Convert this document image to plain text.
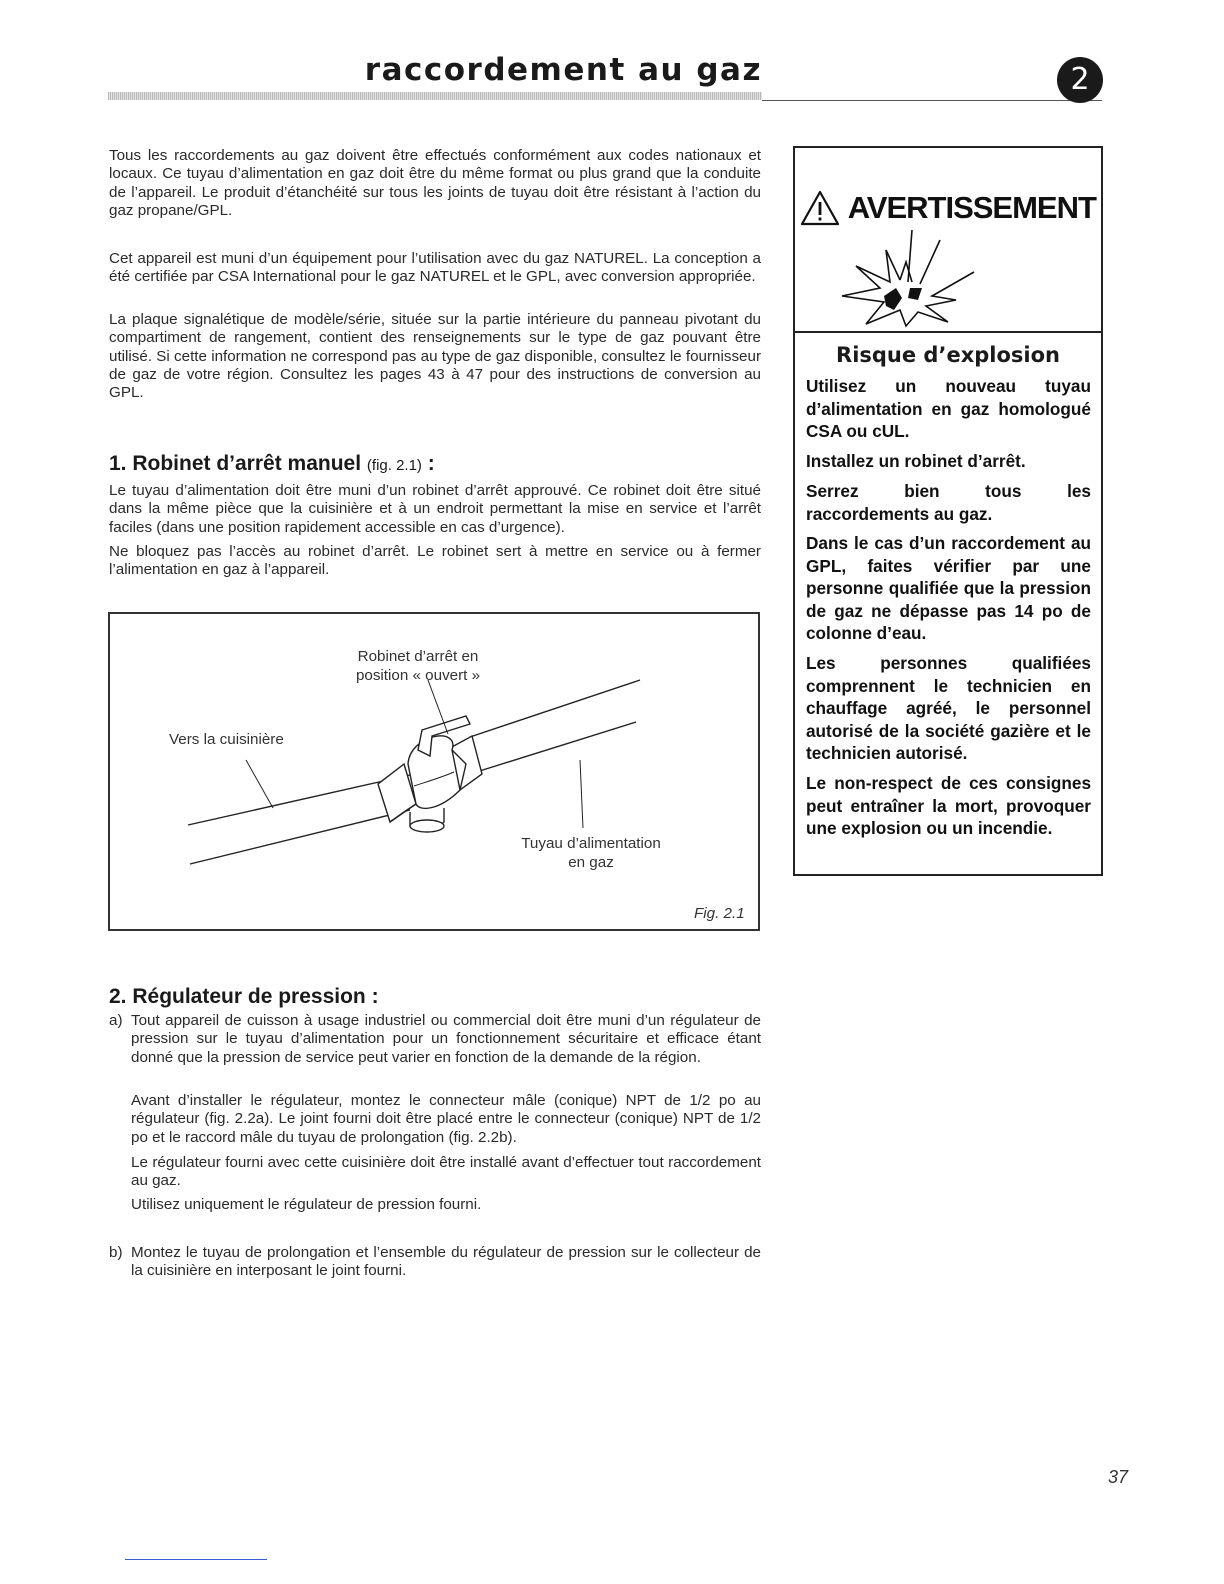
raccordement au gaz	2
Tous les raccordements au gaz doivent être effectués conformément aux codes nationaux et locaux. Ce tuyau d’alimentation en gaz doit être du même format ou plus grand que la conduite de l’appareil. Le produit d’étanchéité sur tous les joints de tuyau doit être résistant à l’action du gaz propane/GPL.
Cet appareil est muni d’un équipement pour l’utilisation avec du gaz NATUREL. La conception a été certifiée par CSA International pour le gaz NATUREL et le GPL, avec conversion appropriée.
La plaque signalétique de modèle/série, située sur la partie intérieure du panneau pivotant du compartiment de rangement, contient des renseignements sur le type de gaz pouvant être utilisé. Si cette information ne correspond pas au type de gaz disponible, consultez le fournisseur de gaz de votre région. Consultez les pages 43 à 47 pour des instructions de conversion au GPL.
1. Robinet d’arrêt manuel (fig. 2.1) :
Le tuyau d’alimentation doit être muni d’un robinet d’arrêt approuvé. Ce robinet doit être situé dans la même pièce que la cuisinière et à un endroit permettant la mise en service et l’arrêt faciles (dans une position rapidement accessible en cas d’urgence).
Ne bloquez pas l’accès au robinet d’arrêt. Le robinet sert à mettre en service ou à fermer l’alimentation en gaz à l’appareil.
Robinet d’arrêt en
position « ouvert »
Vers la cuisinière
Tuyau d’alimentation
en gaz
Fig. 2.1
2. Régulateur de pression :
a) Tout appareil de cuisson à usage industriel ou commercial doit être muni d’un régulateur de pression sur le tuyau d’alimentation pour un fonctionnement sécuritaire et efficace étant donné que la pression de service peut varier en fonction de la demande de la région.
Avant d’installer le régulateur, montez le connecteur mâle (conique) NPT de 1/2 po au régulateur (fig. 2.2a). Le joint fourni doit être placé entre le connecteur (conique) NPT de 1/2 po et le raccord mâle du tuyau de prolongation (fig. 2.2b).
Le régulateur fourni avec cette cuisinière doit être installé avant d’effectuer tout raccordement au gaz.
Utilisez uniquement le régulateur de pression fourni.
b) Montez le tuyau de prolongation et l’ensemble du régulateur de pression sur le collecteur de la cuisinière en interposant le joint fourni.
AVERTISSEMENT
Risque d’explosion
Utilisez un nouveau tuyau d’alimentation en gaz homologué CSA ou cUL.
Installez un robinet d’arrêt.
Serrez bien tous les raccordements au gaz.
Dans le cas d’un raccordement au GPL, faites vérifier par une personne qualifiée que la pression de gaz ne dépasse pas 14 po de colonne d’eau.
Les personnes qualifiées comprennent le technicien en chauffage agréé, le personnel autorisé de la société gazière et le technicien autorisé.
Le non-respect de ces consignes peut entraîner la mort, provoquer une explosion ou un incendie.
37
